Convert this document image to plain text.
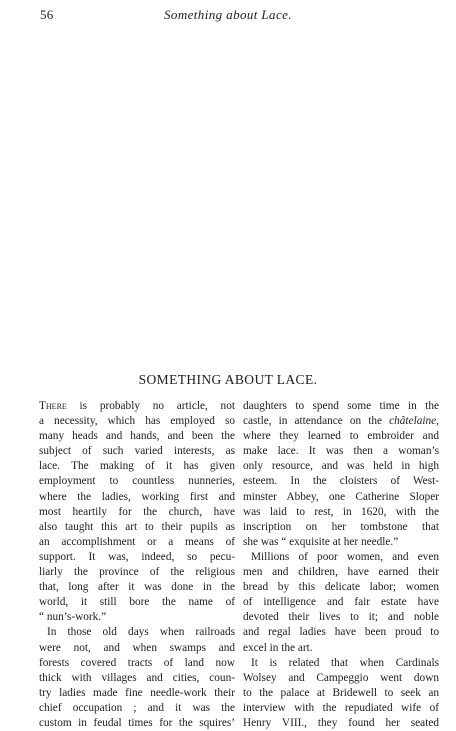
56	Something about Lace.
SOMETHING ABOUT LACE.
There is probably no article, not
a necessity, which has employed so
many heads and hands, and been the
subject of such varied interests, as
lace. The making of it has given
employment to countless nunneries,
where the ladies, working first and
most heartily for the church, have
also taught this art to their pupils as
an accomplishment or a means of
support. It was, indeed, so pecu-
liarly the province of the religious
that, long after it was done in the
world, it still bore the name of
“ nun’s-work.”
In those old days when railroads
were not, and when swamps and
forests covered tracts of land now
thick with villages and cities, coun-
try ladies made fine needle-work their
chief occupation ; and it was the
custom in feudal times for the squires’
daughters to spend some time in the
castle, in attendance on the châtelaine,
where they learned to embroider and
make lace. It was then a woman’s
only resource, and was held in high
esteem. In the cloisters of West-
minster Abbey, one Catherine Sloper
was laid to rest, in 1620, with the
inscription on her tombstone that
she was “ exquisite at her needle.”
Millions of poor women, and even
men and children, have earned their
bread by this delicate labor; women
of intelligence and fair estate have
devoted their lives to it; and noble
and regal ladies have been proud to
excel in the art.
It is related that when Cardinals
Wolsey and Campeggio went down
to the palace at Bridewell to seek an
interview with the repudiated wife of
Henry VIII., they found her seated
